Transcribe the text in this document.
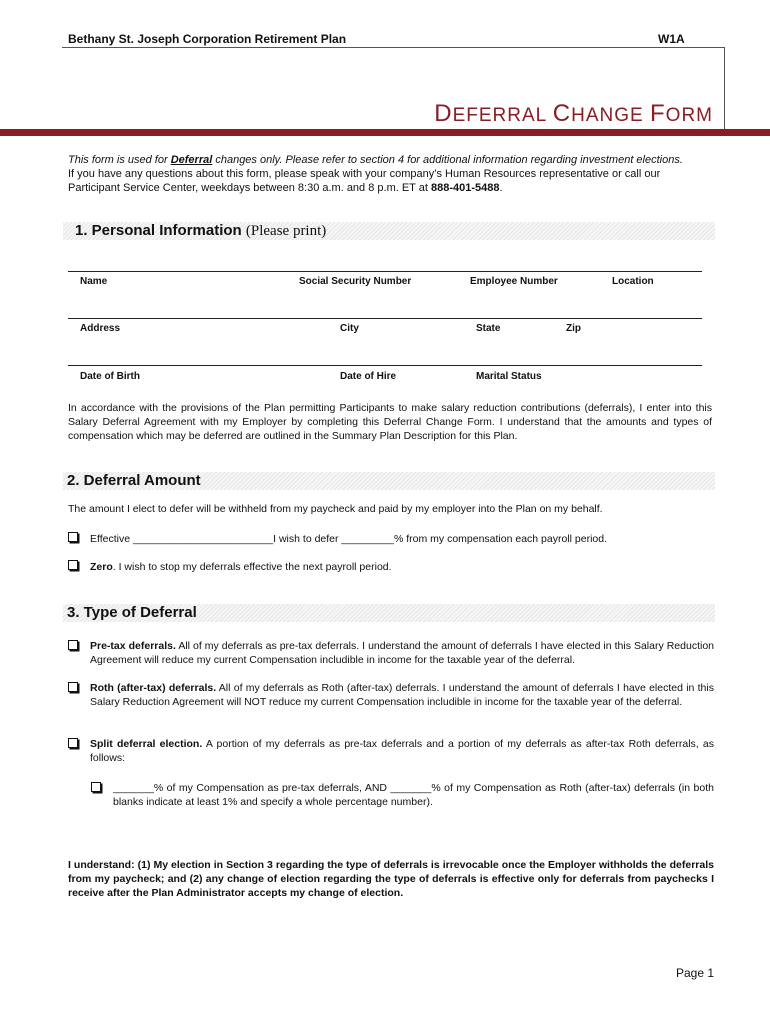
Bethany St. Joseph Corporation Retirement Plan	W1A
DEFERRAL CHANGE FORM
This form is used for Deferral changes only. Please refer to section 4 for additional information regarding investment elections.
If you have any questions about this form, please speak with your company’s Human Resources representative or call our
Participant Service Center, weekdays between 8:30 a.m. and 8 p.m. ET at 888-401-5488.
1. Personal Information (Please print)
Name	Social Security Number	Employee Number	Location
Address	City	State	Zip
Date of Birth	Date of Hire	Marital Status
In accordance with the provisions of the Plan permitting Participants to make salary reduction contributions (deferrals), I enter into this Salary Deferral Agreement with my Employer by completing this Deferral Change Form. I understand that the amounts and types of compensation which may be deferred are outlined in the Summary Plan Description for this Plan.
2. Deferral Amount
The amount I elect to defer will be withheld from my paycheck and paid by my employer into the Plan on my behalf.
Effective ________________________I wish to defer _________% from my compensation each payroll period.
Zero. I wish to stop my deferrals effective the next payroll period.
3. Type of Deferral
Pre-tax deferrals. All of my deferrals as pre-tax deferrals. I understand the amount of deferrals I have elected in this Salary Reduction Agreement will reduce my current Compensation includible in income for the taxable year of the deferral.
Roth (after-tax) deferrals. All of my deferrals as Roth (after-tax) deferrals. I understand the amount of deferrals I have elected in this Salary Reduction Agreement will NOT reduce my current Compensation includible in income for the taxable year of the deferral.
Split deferral election. A portion of my deferrals as pre-tax deferrals and a portion of my deferrals as after-tax Roth deferrals, as follows:
_______% of my Compensation as pre-tax deferrals, AND _______% of my Compensation as Roth (after-tax) deferrals (in both blanks indicate at least 1% and specify a whole percentage number).
I understand: (1) My election in Section 3 regarding the type of deferrals is irrevocable once the Employer withholds the deferrals from my paycheck; and (2) any change of election regarding the type of deferrals is effective only for deferrals from paychecks I receive after the Plan Administrator accepts my change of election.
Page 1
